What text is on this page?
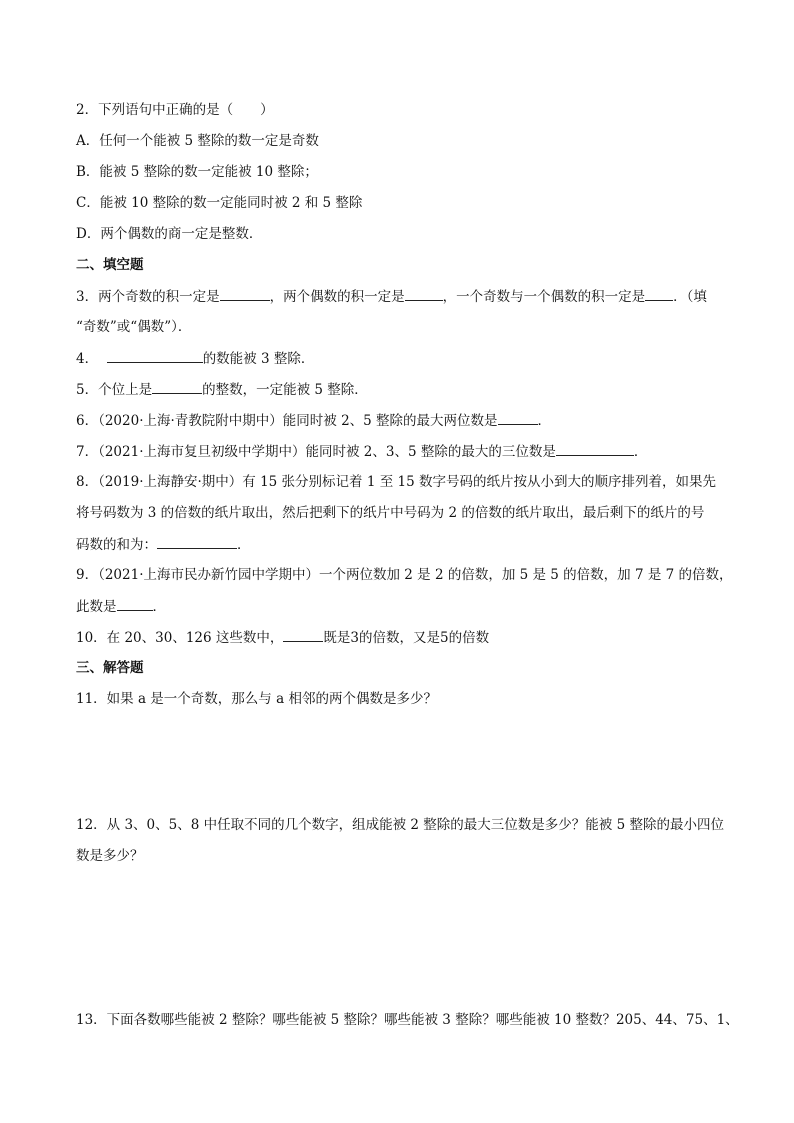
2．下列语句中正确的是（　　）
A．任何一个能被 5 整除的数一定是奇数
B．能被 5 整除的数一定能被 10 整除；
C．能被 10 整除的数一定能同时被 2 和 5 整除
D．两个偶数的商一定是整数．
二、填空题
3．两个奇数的积一定是	，两个偶数的积一定是	，一个奇数与一个偶数的积一定是 ．（填
“奇数”或“偶数”）．
4．	的数能被 3 整除．
5．个位上是	的整数，一定能被 5 整除．
6．（2020·上海·青教院附中期中）能同时被 2、5 整除的最大两位数是	．
7．（2021·上海市复旦初级中学期中）能同时被 2、3、5 整除的最大的三位数是	．
8．（2019·上海静安·期中）有 15 张分别标记着 1 至 15 数字号码的纸片按从小到大的顺序排列着，如果先
将号码数为 3 的倍数的纸片取出，然后把剩下的纸片中号码为 2 的倍数的纸片取出，最后剩下的纸片的号
码数的和为：	．
9．（2021·上海市民办新竹园中学期中）一个两位数加 2 是 2 的倍数，加 5 是 5 的倍数，加 7 是 7 的倍数，
此数是	．
10．在 20、30、126 这些数中，	既是3的倍数，又是5的倍数
三、解答题
11．如果 a 是一个奇数，那么与 a 相邻的两个偶数是多少？
12．从 3、0、5、8 中任取不同的几个数字，组成能被 2 整除的最大三位数是多少？能被 5 整除的最小四位
数是多少？
13．下面各数哪些能被 2 整除？哪些能被 5 整除？哪些能被 3 整除？哪些能被 10 整数？205、44、75、1、
